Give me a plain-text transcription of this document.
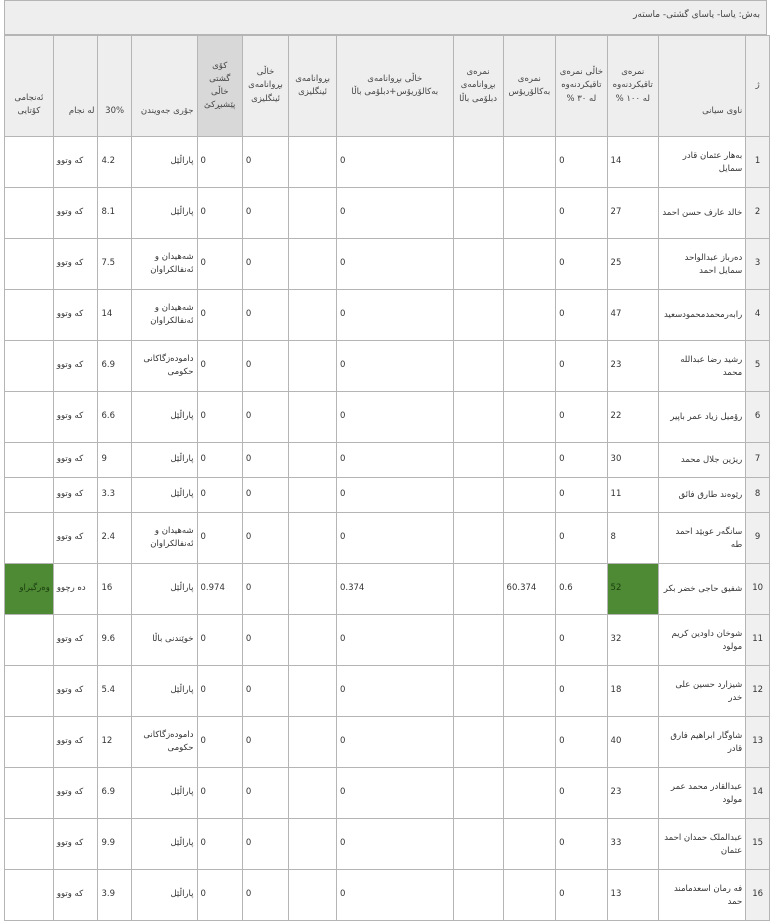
بەش: یاسا- یاسای گشتی- ماستەر
ژ	ناوی سیانی	نمرەی تاقیکردنەوە لە ١٠٠ %	خاڵی نمرەی تاقیکردنەوە لە ٣٠ %	نمرەی بەکالۆریۆس	نمرەی بڕوانامەی دبلۆمی باڵا	خاڵی بڕوانامەی بەکالۆریۆس+دبلۆمی باڵا	بڕوانامەی ئینگلیزی	خاڵی بڕوانامەی ئینگلیزی	کۆی گشتی خاڵی پێشبڕکێ	جۆری جەویندن	30%	لە نجام	ئەنجامی کۆتایی
1	بەهار عثمان قادر سمایل	14	0			0		0	0	پاراڵێل	4.2	کە وتوو	
2	خالد عارف حسن احمد	27	0			0		0	0	پاراڵێل	8.1	کە وتوو	
3	دەرباز عبدالواحد سمایل احمد	25	0			0		0	0	شەهیدان و ئەنفالکراوان	7.5	کە وتوو	
4	رابەرمحمدمحمودسعید	47	0			0		0	0	شەهیدان و ئەنفالکراوان	14	کە وتوو	
5	رشید رضا عبدالله محمد	23	0			0		0	0	دامودەزگاکانی حکومی	6.9	کە وتوو	
6	رۆمیل زیاد عمر باپیر	22	0			0		0	0	پاراڵێل	6.6	کە وتوو	
7	ریژین جلال محمد	30	0			0		0	0	پاراڵێل	9	کە وتوو	
8	رێوەند طارق فائق	11	0			0		0	0	پاراڵێل	3.3	کە وتوو	
9	سانگەر عوبێد احمد طه	8	0			0		0	0	شەهیدان و ئەنفالکراوان	2.4	کە وتوو	
10	شفیق حاجی خضر بکر	52	0.6	60.374		0.374		0	0.974	پاراڵێل	16	دە رچوو	وەرگیراو
11	شوخان داودین کریم مولود	32	0			0		0	0	خوێندنی باڵا	9.6	کە وتوو	
12	شیزارد حسین علی خدر	18	0			0		0	0	پاراڵێل	5.4	کە وتوو	
13	شاوگار ابراهیم فارق قادر	40	0			0		0	0	دامودەزگاکانی حکومی	12	کە وتوو	
14	عبدالقادر محمد عمر مولود	23	0			0		0	0	پاراڵێل	6.9	کە وتوو	
15	عبدالملک حمدان احمد عثمان	33	0			0		0	0	پاراڵێل	9.9	کە وتوو	
16	فە رمان اسعدمامند حمد	13	0			0		0	0	پاراڵێل	3.9	کە وتوو	
